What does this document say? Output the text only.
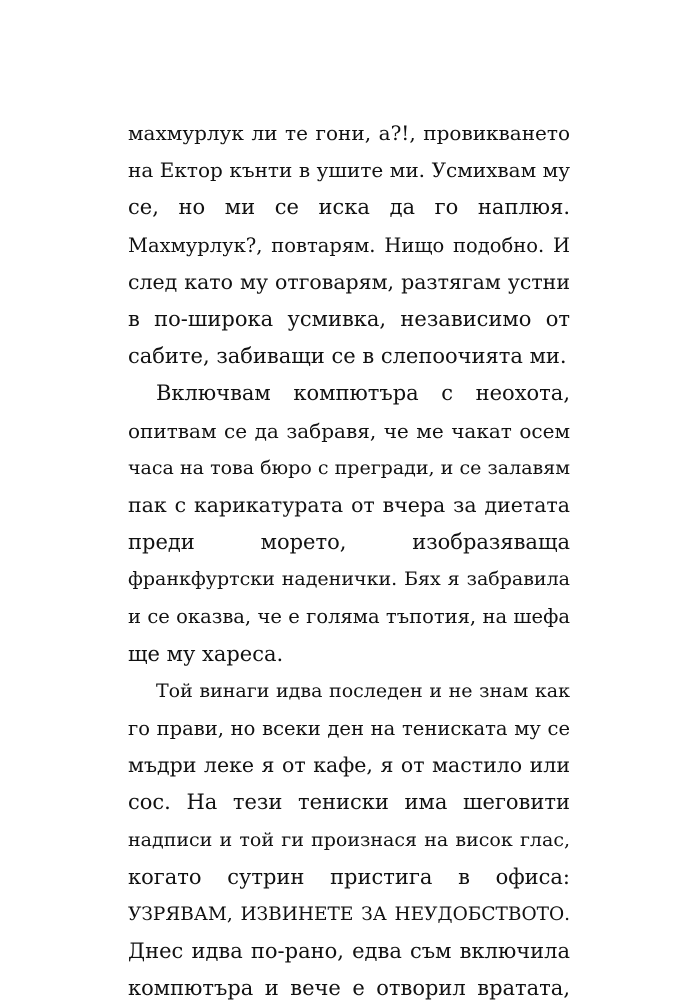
махмурлук ли те гони, а?!, провикването
на Ектор кънти в ушите ми. Усмихвам му
се, но ми се иска да го наплюя.
Махмурлук?, повтарям. Нищо подобно. И
след като му отговарям, разтягам устни
в по-широка усмивка, независимо от
сабите, забиващи се в слепоочията ми.
Включвам компютъра с неохота,
опитвам се да забравя, че ме чакат осем
часа на това бюро с прегради, и се залавям
пак с карикатурата от вчера за диетата
преди морето, изобразяваща
франкфуртски наденички. Бях я забравила
и се оказва, че е голяма тъпотия, на шефа
ще му хареса.
Той винаги идва последен и не знам как
го прави, но всеки ден на тениската му се
мъдри леке я от кафе, я от мастило или
сос. На тези тениски има шеговити
надписи и той ги произнася на висок глас,
когато сутрин пристига в офиса:
УЗРЯВАМ, ИЗВИНЕТЕ ЗА НЕУДОБСТВОТО.
Днес идва по-рано, едва съм включила
компютъра и вече е отворил вратата,
